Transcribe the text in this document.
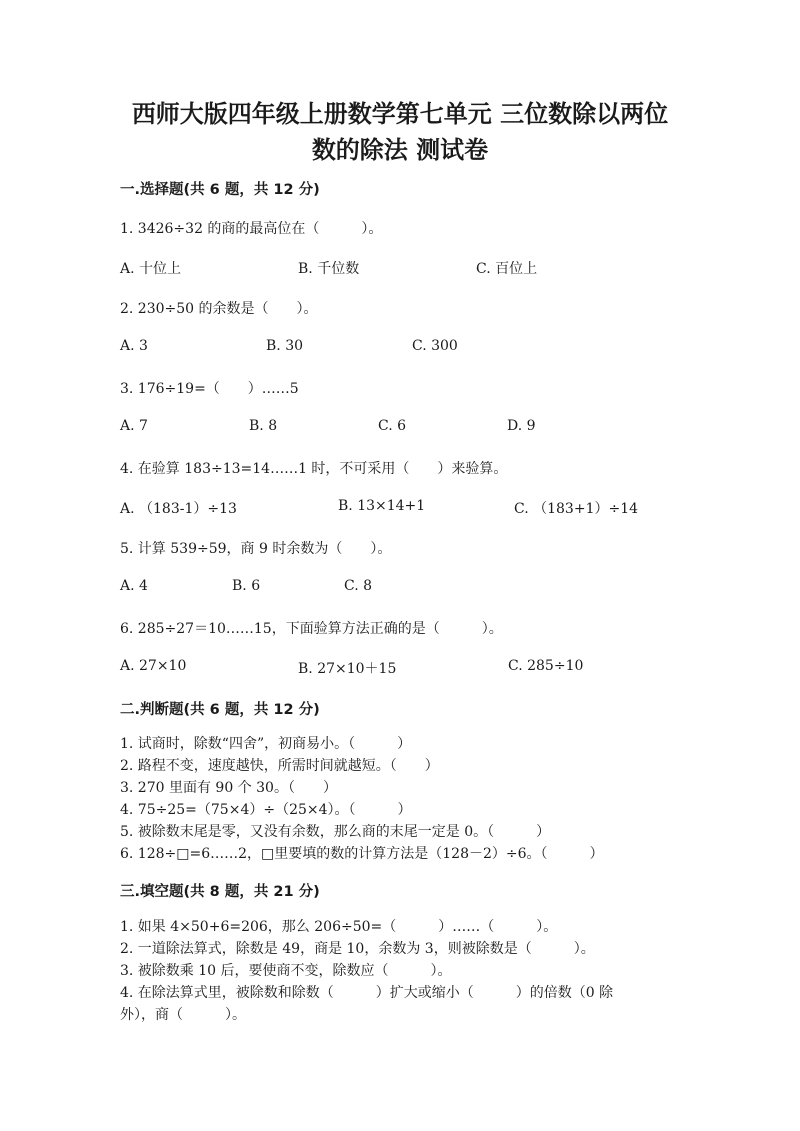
西师大版四年级上册数学第七单元 三位数除以两位
数的除法 测试卷
一.选择题(共 6 题，共 12 分)
1. 3426÷32 的商的最高位在（　　　）。
A. 十位上	B. 千位数	C. 百位上
2. 230÷50 的余数是（　　）。
A. 3	B. 30	C. 300
3. 176÷19=（　　）……5
A. 7	B. 8	C. 6	D. 9
4. 在验算 183÷13=14……1 时，不可采用（　　）来验算。
A. （183-1）÷13	B. 13×14+1	C. （183+1）÷14
5. 计算 539÷59，商 9 时余数为（　　）。
A. 4	B. 6	C. 8
6. 285÷27＝10……15，下面验算方法正确的是（　　　）。
A. 27×10	B. 27×10＋15	C. 285÷10
二.判断题(共 6 题，共 12 分)
1. 试商时，除数“四舍”，初商易小。（　　　）
2. 路程不变，速度越快，所需时间就越短。（　　）
3. 270 里面有 90 个 30。（　　）
4. 75÷25=（75×4）÷（25×4）。（　　　）
5. 被除数末尾是零，又没有余数，那么商的末尾一定是 0。（　　　）
6. 128÷□=6……2，□里要填的数的计算方法是（128－2）÷6。（　　　）
三.填空题(共 8 题，共 21 分)
1. 如果 4×50+6=206，那么 206÷50=（　　　）……（　　　）。
2. 一道除法算式，除数是 49，商是 10，余数为 3，则被除数是（　　　）。
3. 被除数乘 10 后，要使商不变，除数应（　　　）。
4. 在除法算式里，被除数和除数（　　　）扩大或缩小（　　　）的倍数（0 除
外），商（　　　）。
